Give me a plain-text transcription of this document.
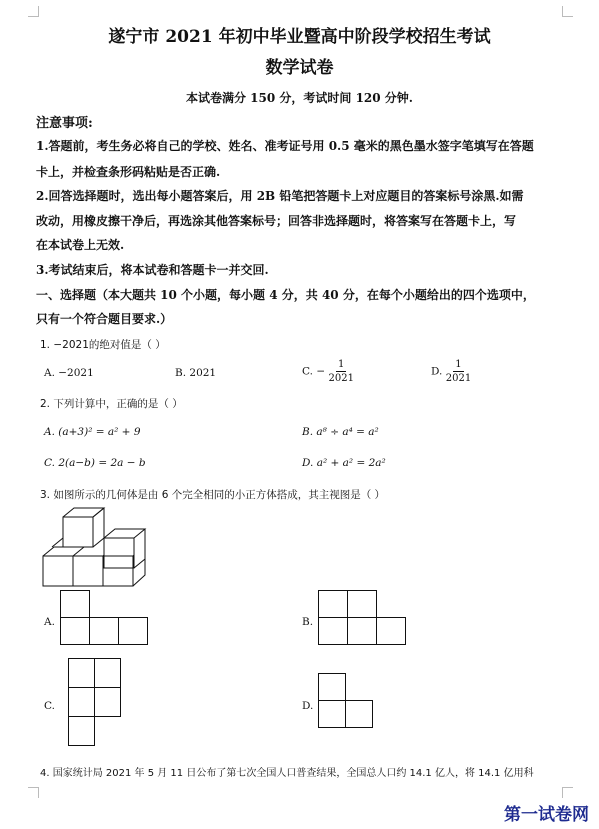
遂宁市 2021 年初中毕业暨高中阶段学校招生考试
数学试卷
本试卷满分 150 分，考试时间 120 分钟.
注意事项:
1.答题前，考生务必将自己的学校、姓名、准考证号用 0.5 毫米的黑色墨水签字笔填写在答题
卡上，并检查条形码粘贴是否正确.
2.回答选择题时，选出每小题答案后，用 2B 铅笔把答题卡上对应题目的答案标号涂黑.如需
改动，用橡皮擦干净后，再选涂其他答案标号；回答非选择题时，将答案写在答题卡上，写
在本试卷上无效.
3.考试结束后，将本试卷和答题卡一并交回.
一、选择题（本大题共 10 个小题，每小题 4 分，共 40 分，在每个小题给出的四个选项中，
只有一个符合题目要求.）
1. −2021的绝对值是（ ）
A. −2021	B. 2021	C. − $\frac{1}{2021}$	D. $\frac{1}{2021}$
2. 下列计算中，正确的是（ ）
A. (a+3)² = a² + 9	B. a⁸ ÷ a⁴ = a²
C. 2(a−b) = 2a − b	D. a² + a² = 2a²
3. 如图所示的几何体是由 6 个完全相同的小正方体搭成，其主视图是（ ）
A.	B.
C.	D.
4. 国家统计局 2021 年 5 月 11 日公布了第七次全国人口普查结果，全国总人口约 14.1 亿人，将 14.1 亿用科
第一试卷网
